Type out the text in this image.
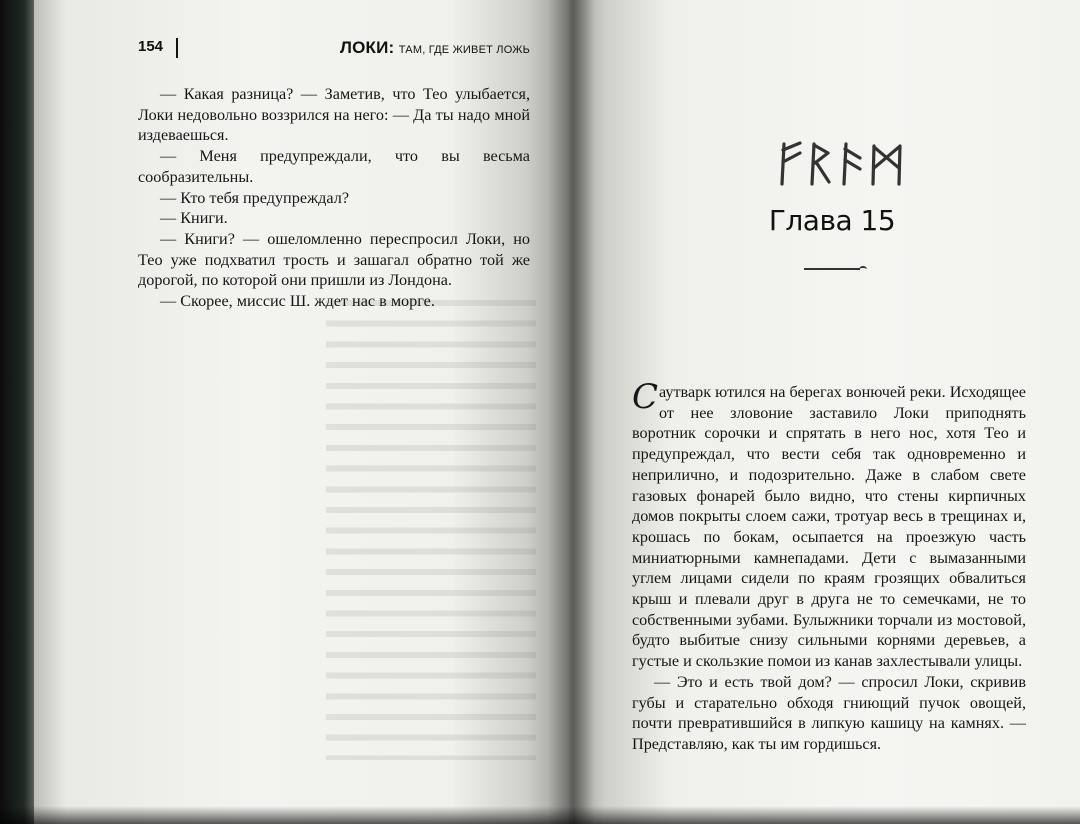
154	ЛОКИ: ТАМ, ГДЕ ЖИВЕТ ЛОЖЬ

— Какая разница? — Заметив, что Тео улыбается, Локи недовольно воззрился на него: — Да ты надо мной издеваешься.

— Меня предупреждали, что вы весьма сообразительны.

— Кто тебя предупреждал?

— Книги.

— Книги? — ошеломленно переспросил Локи, но Тео уже подхватил трость и зашагал обратно той же дорогой, по которой они пришли из Лондона.

— Скорее, миссис Ш. ждет нас в морге.

Глава 15

Саутварк ютился на берегах вонючей реки. Исходящее от нее зловоние заставило Локи приподнять воротник сорочки и спрятать в него нос, хотя Тео и предупреждал, что вести себя так одновременно и неприлично, и подозрительно. Даже в слабом свете газовых фонарей было видно, что стены кирпичных домов покрыты слоем сажи, тротуар весь в трещинах и, крошась по бокам, осыпается на проезжую часть миниатюрными камнепадами. Дети с вымазанными углем лицами сидели по краям грозящих обвалиться крыш и плевали друг в друга не то семечками, не то собственными зубами. Булыжники торчали из мостовой, будто выбитые снизу сильными корнями деревьев, а густые и скользкие помои из канав захлестывали улицы.

— Это и есть твой дом? — спросил Локи, скривив губы и старательно обходя гниющий пучок овощей, почти превратившийся в липкую кашицу на камнях. — Представляю, как ты им гордишься.
